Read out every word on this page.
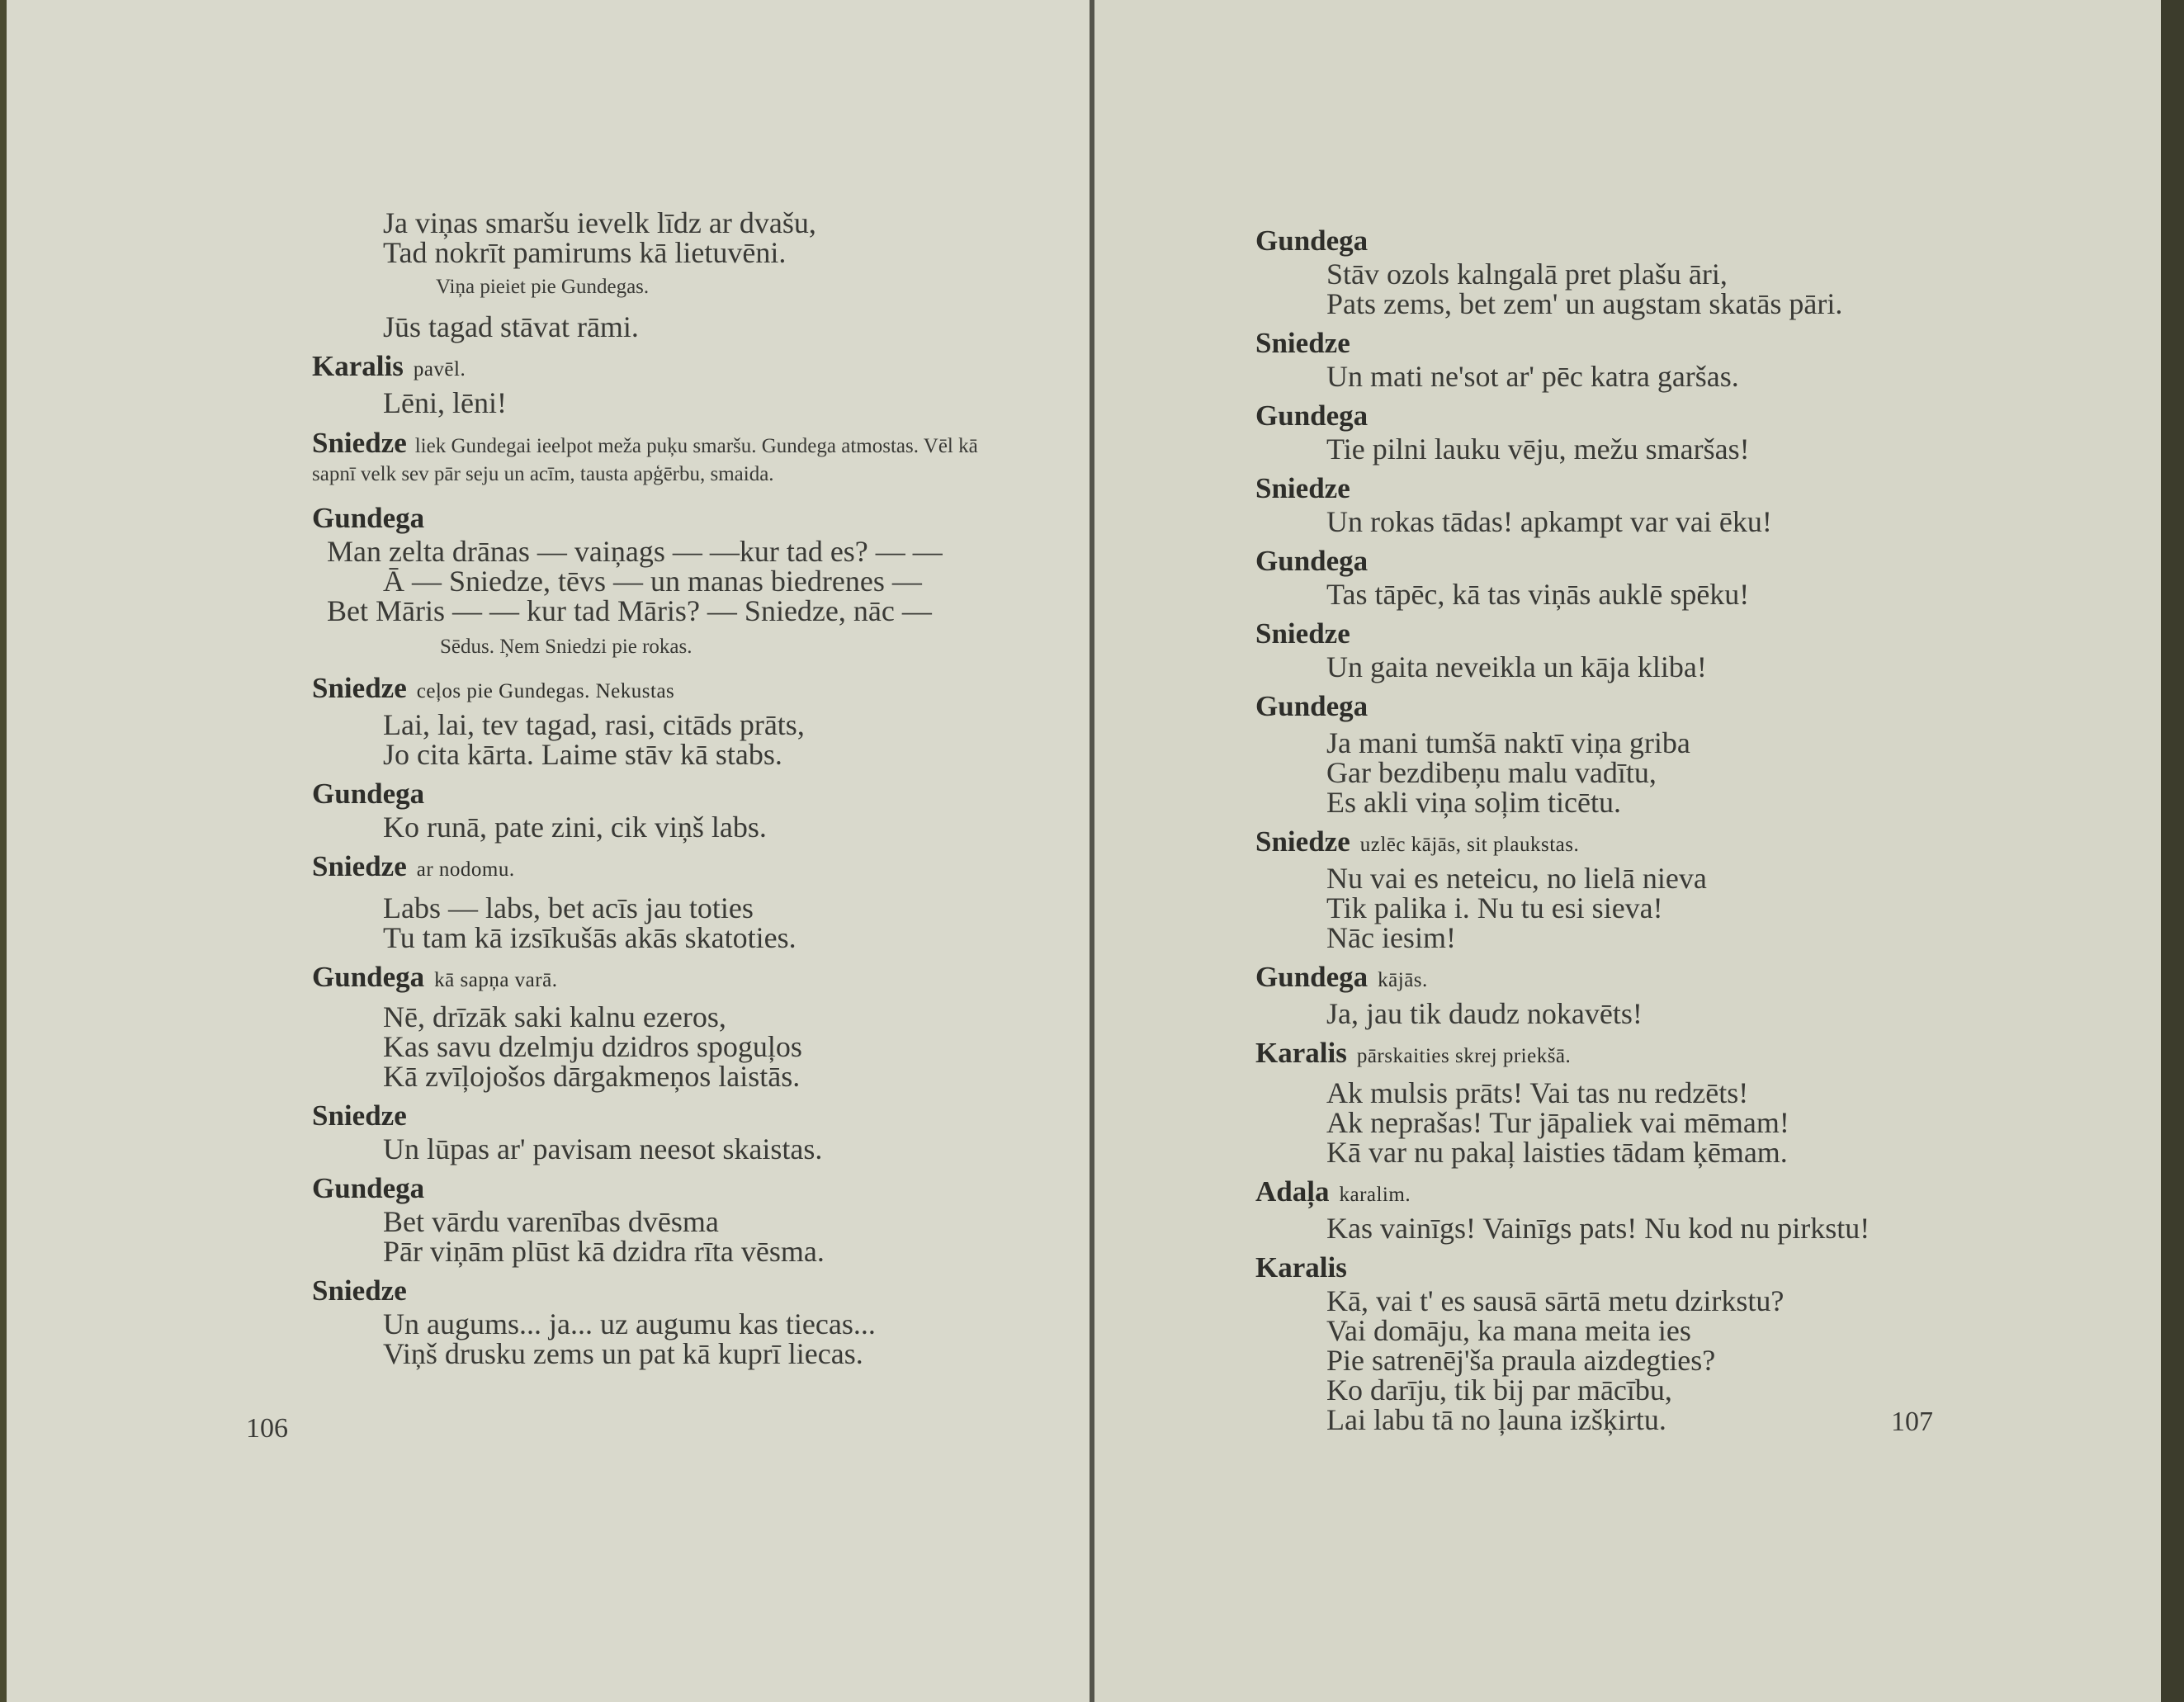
Ja viņas smaršu ievelk līdz ar dvašu,
Tad nokrīt pamirums kā lietuvēni.
Viņa pieiet pie Gundegas.
Jūs tagad stāvat rāmi.
Karalis pavēl.
Lēni, lēni!
Sniedze liek Gundegai ieelpot meža puķu smaršu. Gundega atmostas. Vēl kā sapnī velk sev pār seju un acīm, tausta apģērbu, smaida.
Gundega
Man zelta drānas — vaiņags — —kur tad es? — —
Ā — Sniedze, tēvs — un manas biedrenes —
Bet Māris — — kur tad Māris? — Sniedze, nāc —
Sēdus. Ņem Sniedzi pie rokas.
Sniedze ceļos pie Gundegas. Nekustas
Lai, lai, tev tagad, rasi, citāds prāts,
Jo cita kārta. Laime stāv kā stabs.
Gundega
Ko runā, pate zini, cik viņš labs.
Sniedze ar nodomu.
Labs — labs, bet acīs jau toties
Tu tam kā izsīkušās akās skatoties.
Gundega kā sapņa varā.
Nē, drīzāk saki kalnu ezeros,
Kas savu dzelmju dzidros spoguļos
Kā zvīļojošos dārgakmeņos laistās.
Sniedze
Un lūpas ar' pavisam neesot skaistas.
Gundega
Bet vārdu varenības dvēsma
Pār viņām plūst kā dzidra rīta vēsma.
Sniedze
Un augums... ja... uz augumu kas tiecas...
Viņš drusku zems un pat kā kuprī liecas.
106
Gundega
Stāv ozols kalngalā pret plašu āri,
Pats zems, bet zem' un augstam skatās pāri.
Sniedze
Un mati ne'sot ar' pēc katra garšas.
Gundega
Tie pilni lauku vēju, mežu smaršas!
Sniedze
Un rokas tādas! apkampt var vai ēku!
Gundega
Tas tāpēc, kā tas viņās auklē spēku!
Sniedze
Un gaita neveikla un kāja kliba!
Gundega
Ja mani tumšā naktī viņa griba
Gar bezdibeņu malu vadītu,
Es akli viņa soļim ticētu.
Sniedze uzlēc kājās, sit plaukstas.
Nu vai es neteicu, no lielā nieva
Tik palika i. Nu tu esi sieva!
Nāc iesim!
Gundega kājās.
Ja, jau tik daudz nokavēts!
Karalis pārskaities skrej priekšā.
Ak mulsis prāts! Vai tas nu redzēts!
Ak neprašas! Tur jāpaliek vai mēmam!
Kā var nu pakaļ laisties tādam ķēmam.
Adaļa karalim.
Kas vainīgs! Vainīgs pats! Nu kod nu pirkstu!
Karalis
Kā, vai t' es sausā sārtā metu dzirkstu?
Vai domāju, ka mana meita ies
Pie satrenēj'ša praula aizdegties?
Ko darīju, tik bij par mācību,
Lai labu tā no ļauna izšķirtu.	107
